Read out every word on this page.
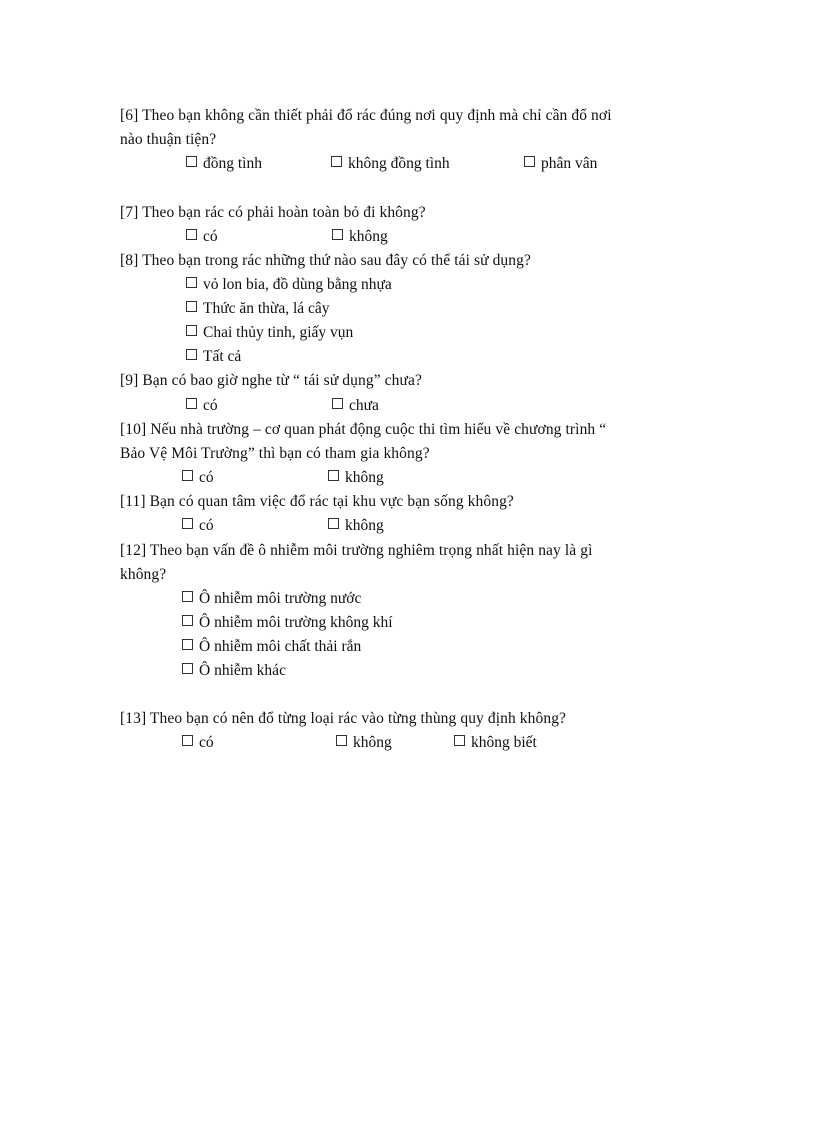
[6] Theo bạn không cần thiết phải đổ rác đúng nơi quy định mà chỉ cần đổ nơi
nào thuận tiện?
đồng tình	không đồng tình	phân vân
[7] Theo bạn rác có phải hoàn toàn bỏ đi không?
có	không
[8] Theo bạn trong rác những thứ nào sau đây có thể tái sử dụng?
vỏ lon bia, đồ dùng bằng nhựa
Thức ăn thừa, lá cây
Chai thủy tinh, giấy vụn
Tất cả
[9] Bạn có bao giờ nghe từ “ tái sử dụng” chưa?
có	chưa
[10] Nếu nhà trường – cơ quan phát động cuộc thi tìm hiểu về chương trình “
Bảo Vệ Môi Trường” thì bạn có tham gia không?
có	không
[11] Bạn có quan tâm việc đổ rác tại khu vực bạn sống không?
có	không
[12] Theo bạn vấn đề ô nhiễm môi trường nghiêm trọng nhất hiện nay là gì
không?
Ô nhiễm môi trường nước
Ô nhiễm môi trường không khí
Ô nhiễm môi chất thải rắn
Ô nhiễm khác
[13] Theo bạn có nên đổ từng loại rác vào từng thùng quy định không?
có	không	không biết
